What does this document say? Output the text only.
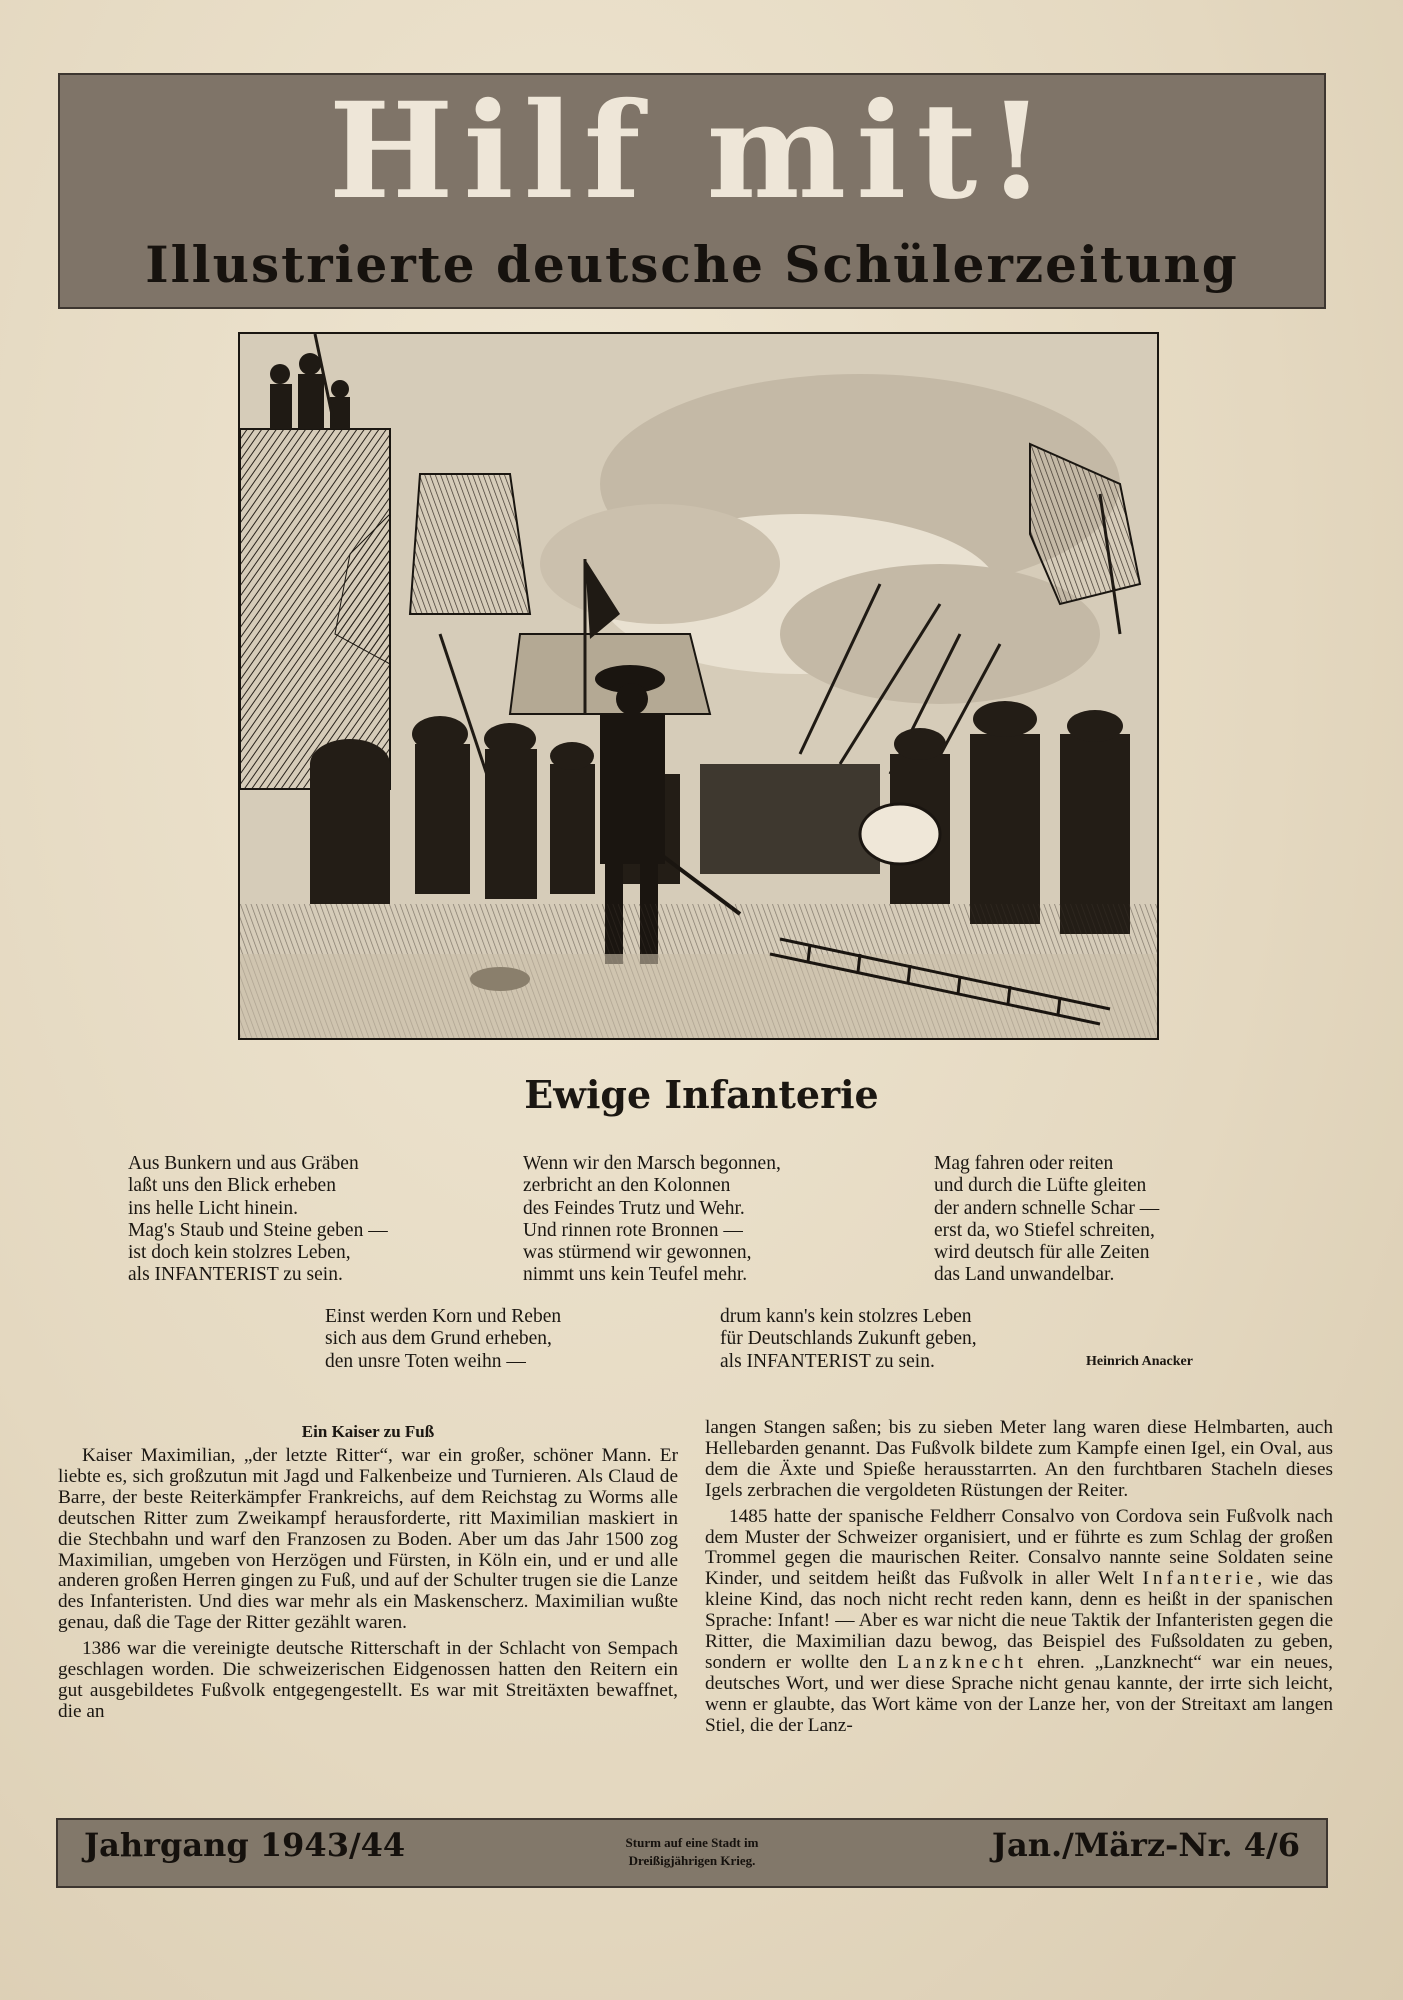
Hilf mit!
Illustrierte deutsche Schülerzeitung
Ewige Infanterie
Aus Bunkern und aus Gräben
laßt uns den Blick erheben
ins helle Licht hinein.
Mag's Staub und Steine geben —
ist doch kein stolzres Leben,
als INFANTERIST zu sein.
Wenn wir den Marsch begonnen,
zerbricht an den Kolonnen
des Feindes Trutz und Wehr.
Und rinnen rote Bronnen —
was stürmend wir gewonnen,
nimmt uns kein Teufel mehr.
Mag fahren oder reiten
und durch die Lüfte gleiten
der andern schnelle Schar —
erst da, wo Stiefel schreiten,
wird deutsch für alle Zeiten
das Land unwandelbar.
Einst werden Korn und Reben
sich aus dem Grund erheben,
den unsre Toten weihn —
drum kann's kein stolzres Leben
für Deutschlands Zukunft geben,
als INFANTERIST zu sein.	Heinrich Anacker
Ein Kaiser zu Fuß

Kaiser Maximilian, „der letzte Ritter“, war ein großer, schöner Mann. Er liebte es, sich großzutun mit Jagd und Falkenbeize und Turnieren. Als Claud de Barre, der beste Reiterkämpfer Frankreichs, auf dem Reichstag zu Worms alle deutschen Ritter zum Zweikampf herausforderte, ritt Maximilian maskiert in die Stechbahn und warf den Franzosen zu Boden. Aber um das Jahr 1500 zog Maximilian, umgeben von Herzögen und Fürsten, in Köln ein, und er und alle anderen großen Herren gingen zu Fuß, und auf der Schulter trugen sie die Lanze des Infanteristen. Und dies war mehr als ein Maskenscherz. Maximilian wußte genau, daß die Tage der Ritter gezählt waren.

1386 war die vereinigte deutsche Ritterschaft in der Schlacht von Sempach geschlagen worden. Die schweizerischen Eidgenossen hatten den Reitern ein gut ausgebildetes Fußvolk entgegengestellt. Es war mit Streitäxten bewaffnet, die an

langen Stangen saßen; bis zu sieben Meter lang waren diese Helmbarten, auch Hellebarden genannt. Das Fußvolk bildete zum Kampfe einen Igel, ein Oval, aus dem die Äxte und Spieße herausstarrten. An den furchtbaren Stacheln dieses Igels zerbrachen die vergoldeten Rüstungen der Reiter.

1485 hatte der spanische Feldherr Consalvo von Cordova sein Fußvolk nach dem Muster der Schweizer organisiert, und er führte es zum Schlag der großen Trommel gegen die maurischen Reiter. Consalvo nannte seine Soldaten seine Kinder, und seitdem heißt das Fußvolk in aller Welt Infanterie, wie das kleine Kind, das noch nicht recht reden kann, denn es heißt in der spanischen Sprache: Infant! — Aber es war nicht die neue Taktik der Infanteristen gegen die Ritter, die Maximilian dazu bewog, das Beispiel des Fußsoldaten zu geben, sondern er wollte den Lanzknecht ehren. „Lanzknecht“ war ein neues, deutsches Wort, und wer diese Sprache nicht genau kannte, der irrte sich leicht, wenn er glaubte, das Wort käme von der Lanze her, von der Streitaxt am langen Stiel, die der Lanz-

Jahrgang 1943/44	Sturm auf eine Stadt im
Dreißigjährigen Krieg.	Jan./März-Nr. 4/6
